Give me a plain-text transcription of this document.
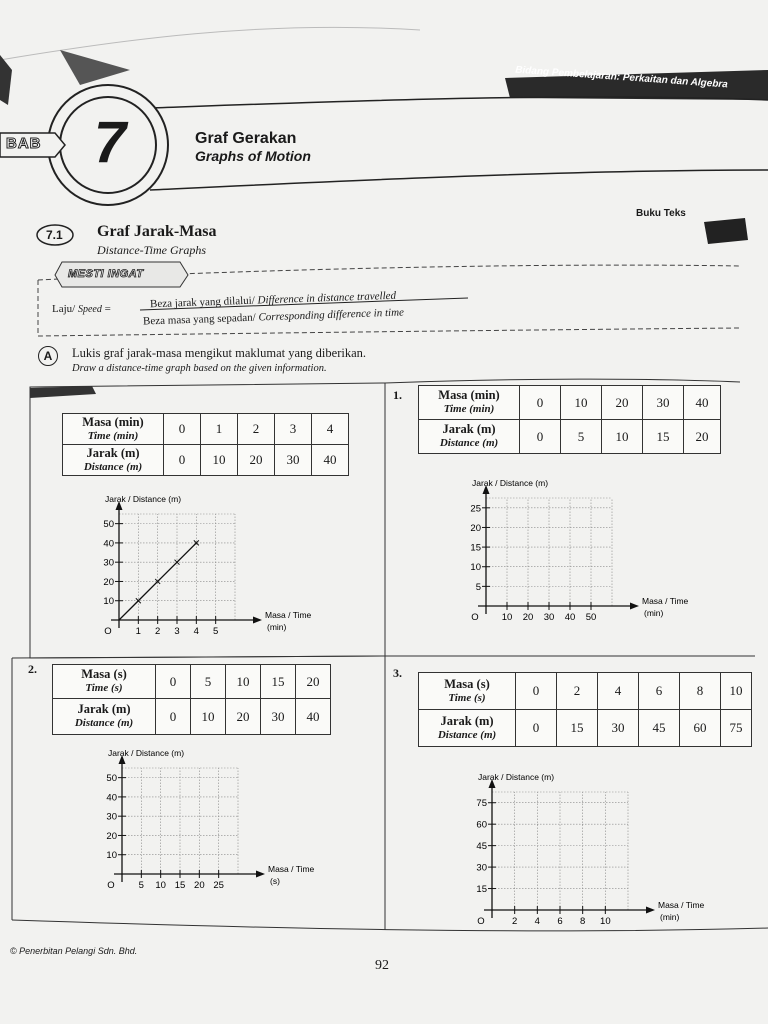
Bidang Pembelajaran: Perkaitan dan Algebra
BAB 7	Graf Gerakan
Graphs of Motion
Buku Teks
7.1 Graf Jarak-Masa
Distance-Time Graphs
MESTI INGAT
Laju/ Speed =	Beza jarak yang dilalui/ Difference in distance travelled
Beza masa yang sepadan/ Corresponding difference in time
A	Lukis graf jarak-masa mengikut maklumat yang diberikan.
Draw a distance-time graph based on the given information.
1.
2.	3.
Masa (min)
Time (min)	0	1	2	3	4
Jarak (m)
Distance (m)	0	10	20	30	40
Masa (min)
Time (min)	0	10	20	30	40
Jarak (m)
Distance (m)	0	5	10	15	20
Masa (s)
Time (s)	0	5	10	15	20
Jarak (m)
Distance (m)	0	10	20	30	40
Masa (s)
Time (s)	0	2	4	6	8	10
Jarak (m)
Distance (m)	0	15	30	45	60	75
1 2 3 4 5
10
20
30
40
50
O
Jarak / Distance (m)
Masa / Time
(min)
10 20 30 40 50
5
10
15
20
25
O
Jarak / Distance (m)
Masa / Time
(min)
5 10 15 20 25
10
20
30
40
50
O
Jarak / Distance (m)
Masa / Time
(s)
2 4 6 8 10
15
30
45
60
75
O
Jarak / Distance (m)
Masa / Time
(min)
© Penerbitan Pelangi Sdn. Bhd.
92
